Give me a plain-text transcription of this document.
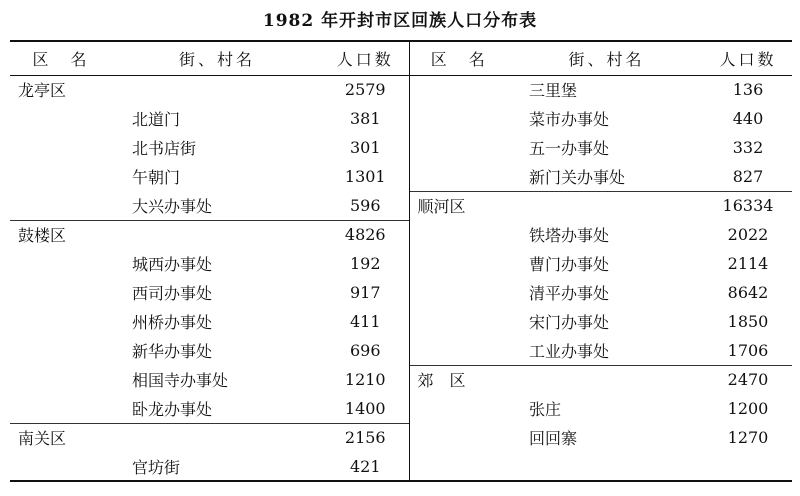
1982 年开封市区回族人口分布表
区　名	街、村名	人口数	区　名	街、村名	人口数
龙亭区		2579		三里堡	136
	北道门	381		菜市办事处	440
	北书店街	301		五一办事处	332
	午朝门	1301		新门关办事处	827
	大兴办事处	596	顺河区		16334
鼓楼区		4826		铁塔办事处	2022
	城西办事处	192		曹门办事处	2114
	西司办事处	917		清平办事处	8642
	州桥办事处	411		宋门办事处	1850
	新华办事处	696		工业办事处	1706
	相国寺办事处	1210	郊　区		2470
	卧龙办事处	1400		张庄	1200
南关区		2156		回回寨	1270
	官坊街	421			
